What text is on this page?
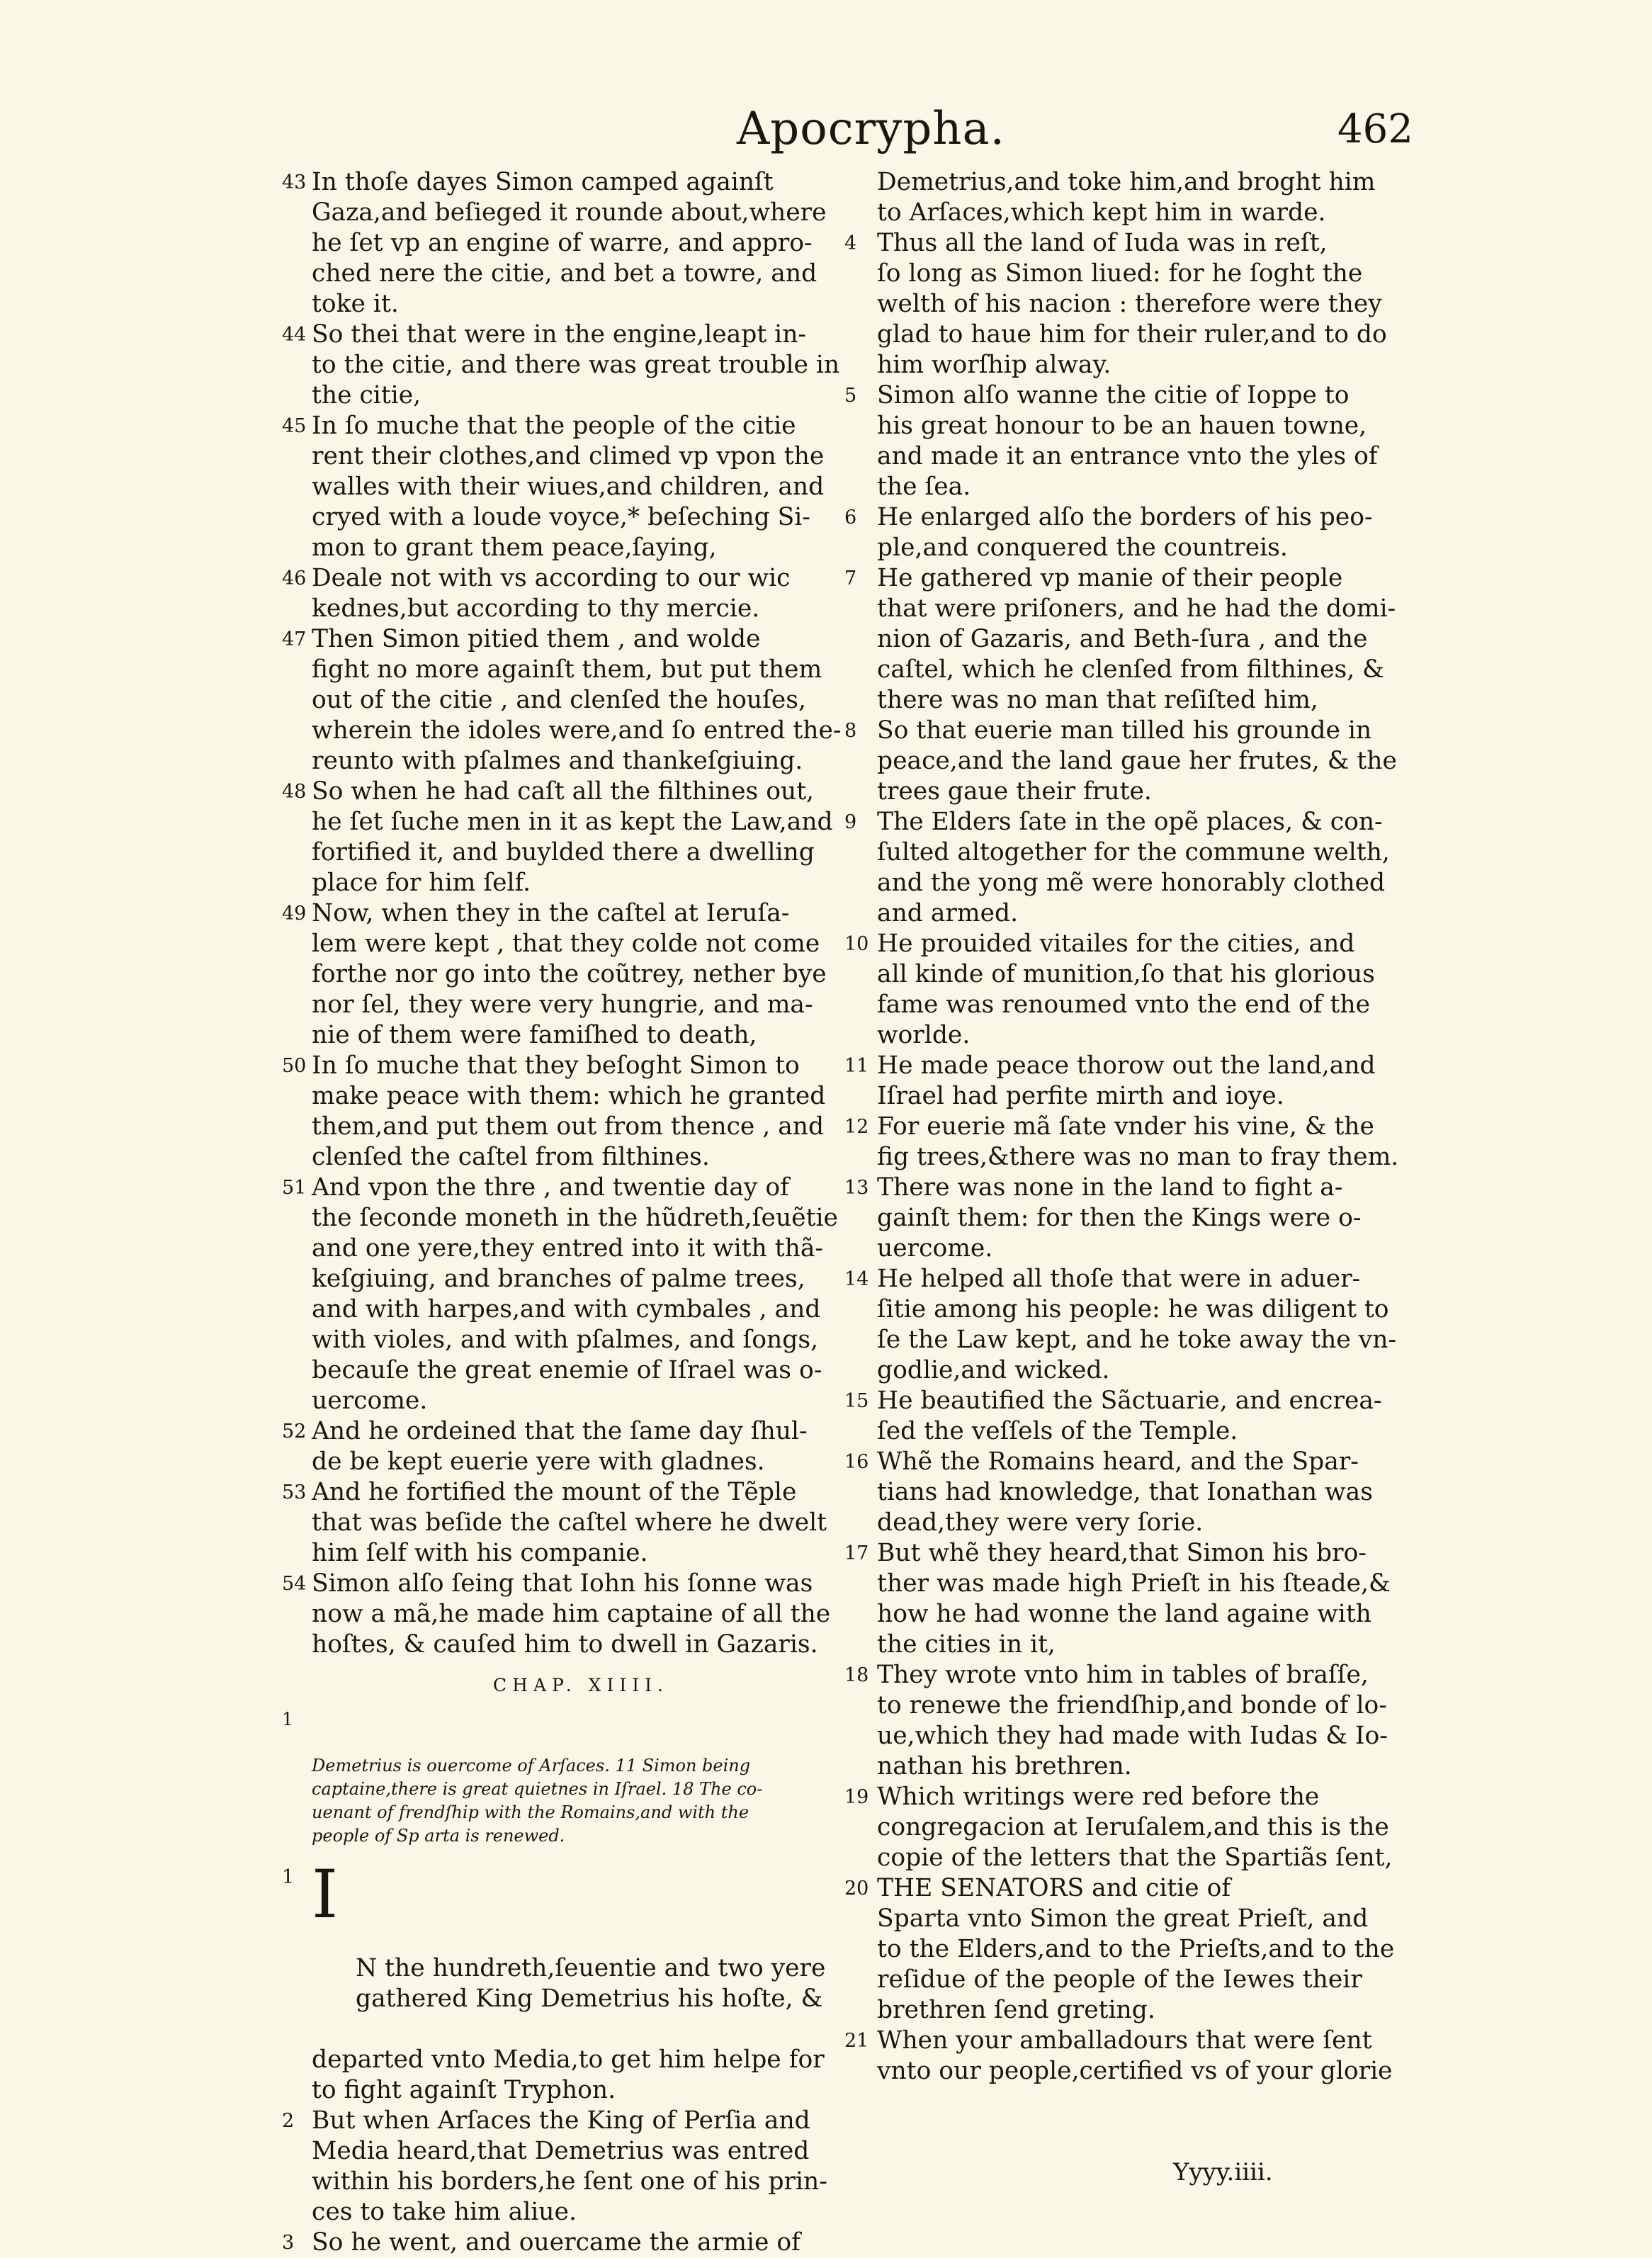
Apocrypha.	462
43 In thoſe dayes Simon camped againſt
Gaza,and beſieged it rounde about,where
he ſet vp an engine of warre, and appro-
ched nere the citie, and bet a towre, and
toke it.
44 So thei that were in the engine,leapt in-
to the citie, and there was great trouble in
the citie,
45 In ſo muche that the people of the citie
rent their clothes,and climed vp vpon the
walles with their wiues,and children, and
cryed with a loude voyce,* beſeching Si-
mon to grant them peace,ſaying,
46 Deale not with vs according to our wic
kednes,but according to thy mercie.
47 Then Simon pitied them , and wolde
fight no more againſt them, but put them
out of the citie , and clenſed the houſes,
wherein the idoles were,and ſo entred the-
reunto with pſalmes and thankeſgiuing.
48 So when he had caſt all the filthines out,
he ſet ſuche men in it as kept the Law,and
fortified it, and buylded there a dwelling
place for him ſelf.
49 Now, when they in the caſtel at Ieruſa-
lem were kept , that they colde not come
forthe nor go into the coũtrey, nether bye
nor ſel, they were very hungrie, and ma-
nie of them were famiſhed to death,
50 In ſo muche that they beſoght Simon to
make peace with them: which he granted
them,and put them out from thence , and
clenſed the caſtel from filthines.
51 And vpon the thre , and twentie day of
the ſeconde moneth in the hũdreth,ſeuẽtie
and one yere,they entred into it with thã-
keſgiuing, and branches of palme trees,
and with harpes,and with cymbales , and
with violes, and with pſalmes, and ſongs,
becauſe the great enemie of Iſrael was o-
uercome.
52 And he ordeined that the ſame day ſhul-
de be kept euerie yere with gladnes.
53 And he fortified the mount of the Tẽple
that was beſide the caſtel where he dwelt
him ſelf with his companie.
54 Simon alſo ſeing that Iohn his ſonne was
now a mã,he made him captaine of all the
hoſtes, & cauſed him to dwell in Gazaris.
CHAP. XIIII.

1

Demetrius is ouercome of Arſaces. 11 Simon being
captaine,there is great quietnes in Iſrael. 18 The co-
uenant of frendſhip with the Romains,and with the
people of Sp arta is renewed.

1 I

N the hundreth,ſeuentie and two yere
gathered King Demetrius his hoſte, &

departed vnto Media,to get him helpe for
to fight againſt Tryphon.
2 But when Arſaces the King of Perſia and
Media heard,that Demetrius was entred
within his borders,he ſent one of his prin-
ces to take him aliue.
3 So he went, and ouercame the armie of
Demetrius,and toke him,and broght him
to Arſaces,which kept him in warde.
4 Thus all the land of Iuda was in reſt,
ſo long as Simon liued: for he ſoght the
welth of his nacion : therefore were they
glad to haue him for their ruler,and to do
him worſhip alway.
5 Simon alſo wanne the citie of Ioppe to
his great honour to be an hauen towne,
and made it an entrance vnto the yles of
the ſea.
6 He enlarged alſo the borders of his peo-
ple,and conquered the countreis.
7 He gathered vp manie of their people
that were priſoners, and he had the domi-
nion of Gazaris, and Beth-ſura , and the
caſtel, which he clenſed from filthines, &
there was no man that reſiſted him,
8 So that euerie man tilled his grounde in
peace,and the land gaue her frutes, & the
trees gaue their frute.
9 The Elders ſate in the opẽ places, & con-
ſulted altogether for the commune welth,
and the yong mẽ were honorably clothed
and armed.
10 He prouided vitailes for the cities, and
all kinde of munition,ſo that his glorious
fame was renoumed vnto the end of the
worlde.
11 He made peace thorow out the land,and
Iſrael had perfite mirth and ioye.
12 For euerie mã ſate vnder his vine, & the
fig trees,&there was no man to fray them.
13 There was none in the land to fight a-
gainſt them: for then the Kings were o-
uercome.
14 He helped all thoſe that were in aduer-
ſitie among his people: he was diligent to
ſe the Law kept, and he toke away the vn-
godlie,and wicked.
15 He beautified the Sãctuarie, and encrea-
ſed the veſſels of the Temple.
16 Whẽ the Romains heard, and the Spar-
tians had knowledge, that Ionathan was
dead,they were very ſorie.
17 But whẽ they heard,that Simon his bro-
ther was made high Prieſt in his ſteade,&
how he had wonne the land againe with
the cities in it,
18 They wrote vnto him in tables of braſſe,
to renewe the friendſhip,and bonde of lo-
ue,which they had made with Iudas & Io-
nathan his brethren.
19 Which writings were red before the
congregacion at Ieruſalem,and this is the
copie of the letters that the Spartiãs ſent,
20 THE SENATORS and citie of
Sparta vnto Simon the great Prieſt, and
to the Elders,and to the Prieſts,and to the
reſidue of the people of the Iewes their
brethren ſend greting.
21 When your amballadours that were ſent
vnto our people,certified vs of your glorie
Yyyy.iiii.
